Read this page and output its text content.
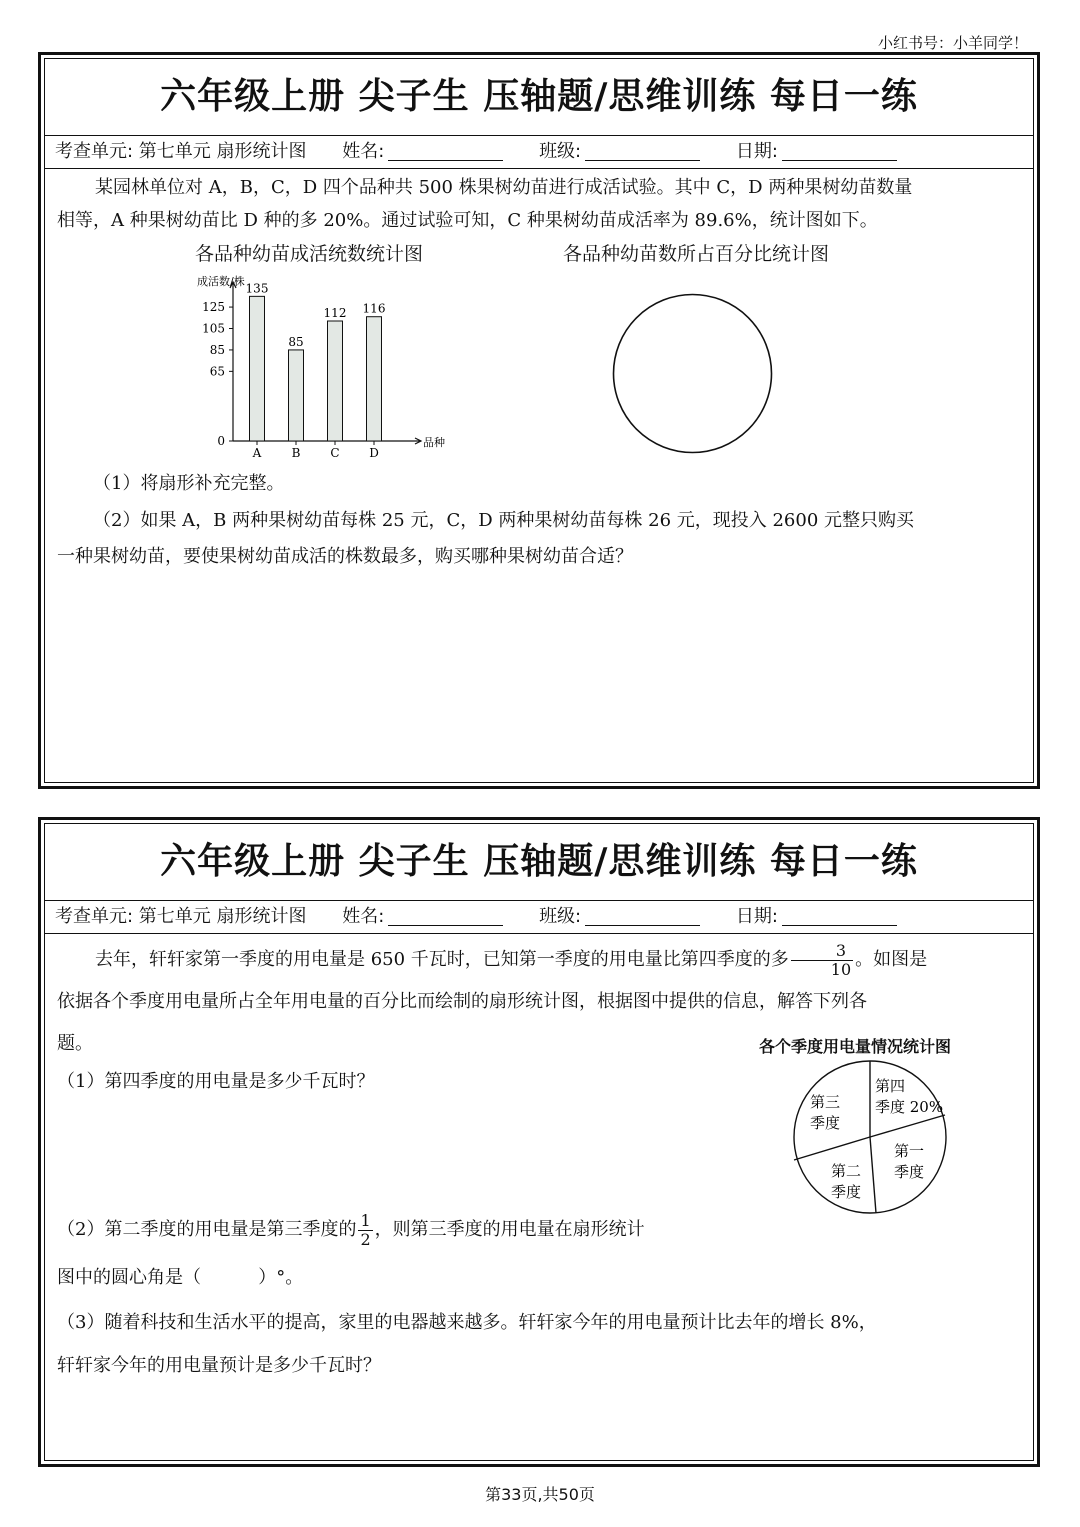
小红书号：小羊同学！
六年级上册 尖子生 压轴题/思维训练 每日一练
考查单元: 第七单元 扇形统计图 姓名:	班级:	日期:
某园林单位对 A，B，C，D 四个品种共 500 株果树幼苗进行成活试验。其中 C，D 两种果树幼苗数量
相等，A 种果树幼苗比 D 种的多 20%。通过试验可知，C 种果树幼苗成活率为 89.6%，统计图如下。
各品种幼苗成活统数统计图	各品种幼苗数所占百分比统计图
成活数/株
品种
0
65
85
105
125
135
A
85
B
112
C
116
D
（1）将扇形补充完整。
（2）如果 A，B 两种果树幼苗每株 25 元，C，D 两种果树幼苗每株 26 元，现投入 2600 元整只购买
一种果树幼苗，要使果树幼苗成活的株数最多，购买哪种果树幼苗合适？
六年级上册 尖子生 压轴题/思维训练 每日一练
考查单元: 第七单元 扇形统计图 姓名:	班级:	日期:
去年，轩轩家第一季度的用电量是 650 千瓦时，已知第一季度的用电量比第四季度的多 $\frac{3}{10}$ 。如图是
依据各个季度用电量所占全年用电量的百分比而绘制的扇形统计图，根据图中提供的信息，解答下列各
题。
（1）第四季度的用电量是多少千瓦时？
各个季度用电量情况统计图
第四
季度 20%
第三
季度
第一
季度
第二
季度
（2）第二季度的用电量是第三季度的 $\frac{1}{2}$ ，则第三季度的用电量在扇形统计
图中的圆心角是（          ）°。
（3）随着科技和生活水平的提高，家里的电器越来越多。轩轩家今年的用电量预计比去年的增长 8%，
轩轩家今年的用电量预计是多少千瓦时？
第33页,共50页
